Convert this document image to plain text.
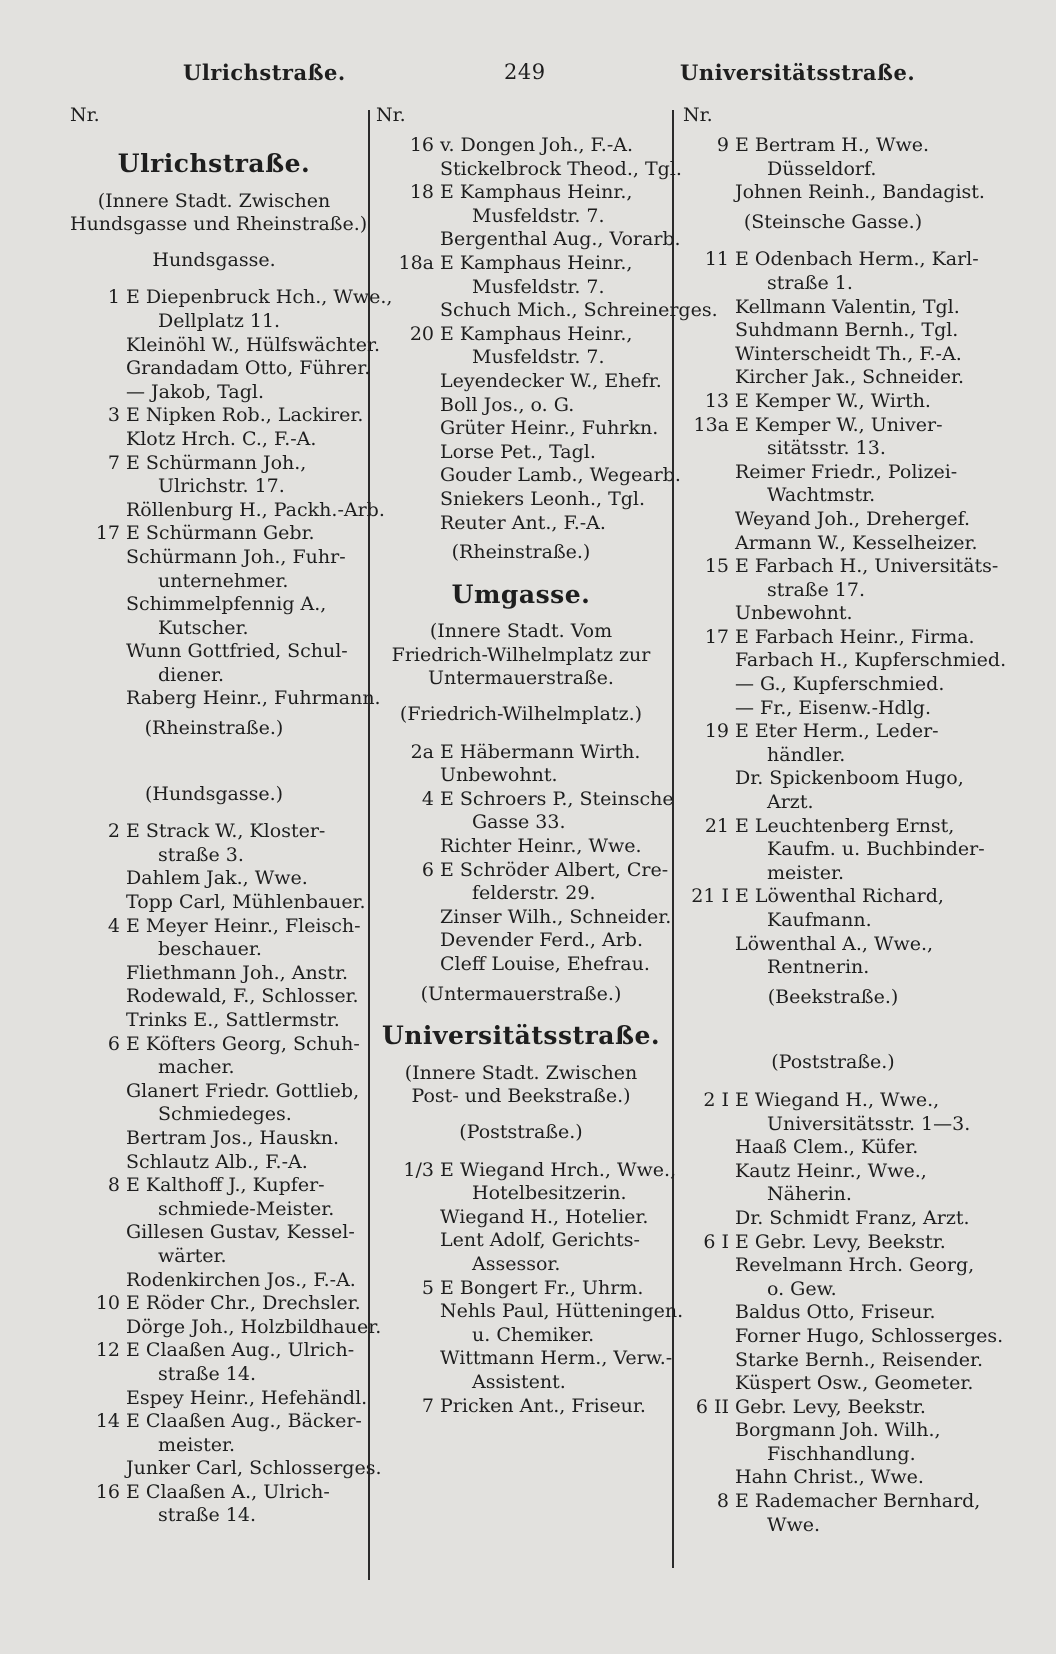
Ulrichstraße.	249	Universitätsstraße.
Nr.
Ulrichstraße.
(Innere Stadt. Zwischen
Hundsgasse und Rheinstraße.)
Hundsgasse.
1 E Diepenbruck Hch., Wwe.,
Dellplatz 11.
Kleinöhl W., Hülfswächter.
Grandadam Otto, Führer.
— Jakob, Tagl.
3 E Nipken Rob., Lackirer.
Klotz Hrch. C., F.-A.
7 E Schürmann Joh.,
Ulrichstr. 17.
Röllenburg H., Packh.-Arb.
17 E Schürmann Gebr.
Schürmann Joh., Fuhr-
unternehmer.
Schimmelpfennig A.,
Kutscher.
Wunn Gottfried, Schul-
diener.
Raberg Heinr., Fuhrmann.
(Rheinstraße.)
(Hundsgasse.)
2 E Strack W., Kloster-
straße 3.
Dahlem Jak., Wwe.
Topp Carl, Mühlenbauer.
4 E Meyer Heinr., Fleisch-
beschauer.
Fliethmann Joh., Anstr.
Rodewald, F., Schlosser.
Trinks E., Sattlermstr.
6 E Köfters Georg, Schuh-
macher.
Glanert Friedr. Gottlieb,
Schmiedeges.
Bertram Jos., Hauskn.
Schlautz Alb., F.-A.
8 E Kalthoff J., Kupfer-
schmiede-Meister.
Gillesen Gustav, Kessel-
wärter.
Rodenkirchen Jos., F.-A.
10 E Röder Chr., Drechsler.
Dörge Joh., Holzbildhauer.
12 E Claaßen Aug., Ulrich-
straße 14.
Espey Heinr., Hefehändl.
14 E Claaßen Aug., Bäcker-
meister.
Junker Carl, Schlosserges.
16 E Claaßen A., Ulrich-
straße 14.
Nr.
16 v. Dongen Joh., F.-A.
Stickelbrock Theod., Tgl.
18 E Kamphaus Heinr.,
Musfeldstr. 7.
Bergenthal Aug., Vorarb.
18a E Kamphaus Heinr.,
Musfeldstr. 7.
Schuch Mich., Schreinerges.
20 E Kamphaus Heinr.,
Musfeldstr. 7.
Leyendecker W., Ehefr.
Boll Jos., o. G.
Grüter Heinr., Fuhrkn.
Lorse Pet., Tagl.
Gouder Lamb., Wegearb.
Sniekers Leonh., Tgl.
Reuter Ant., F.-A.
(Rheinstraße.)
Umgasse.
(Innere Stadt. Vom
Friedrich-Wilhelmplatz zur
Untermauerstraße.
(Friedrich-Wilhelmplatz.)
2a E Häbermann Wirth.
Unbewohnt.
4 E Schroers P., Steinsche
Gasse 33.
Richter Heinr., Wwe.
6 E Schröder Albert, Cre-
felderstr. 29.
Zinser Wilh., Schneider.
Devender Ferd., Arb.
Cleff Louise, Ehefrau.
(Untermauerstraße.)
Universitätsstraße.
(Innere Stadt. Zwischen
Post- und Beekstraße.)
(Poststraße.)
1/3 E Wiegand Hrch., Wwe.,
Hotelbesitzerin.
Wiegand H., Hotelier.
Lent Adolf, Gerichts-
Assessor.
5 E Bongert Fr., Uhrm.
Nehls Paul, Hütteningen.
u. Chemiker.
Wittmann Herm., Verw.-
Assistent.
7 Pricken Ant., Friseur.
Nr.
9 E Bertram H., Wwe.
Düsseldorf.
Johnen Reinh., Bandagist.
(Steinsche Gasse.)
11 E Odenbach Herm., Karl-
straße 1.
Kellmann Valentin, Tgl.
Suhdmann Bernh., Tgl.
Winterscheidt Th., F.-A.
Kircher Jak., Schneider.
13 E Kemper W., Wirth.
13a E Kemper W., Univer-
sitätsstr. 13.
Reimer Friedr., Polizei-
Wachtmstr.
Weyand Joh., Drehergef.
Armann W., Kesselheizer.
15 E Farbach H., Universitäts-
straße 17.
Unbewohnt.
17 E Farbach Heinr., Firma.
Farbach H., Kupferschmied.
— G., Kupferschmied.
— Fr., Eisenw.-Hdlg.
19 E Eter Herm., Leder-
händler.
Dr. Spickenboom Hugo,
Arzt.
21 E Leuchtenberg Ernst,
Kaufm. u. Buchbinder-
meister.
21 I E Löwenthal Richard,
Kaufmann.
Löwenthal A., Wwe.,
Rentnerin.
(Beekstraße.)
(Poststraße.)
2 I E Wiegand H., Wwe.,
Universitätsstr. 1—3.
Haaß Clem., Küfer.
Kautz Heinr., Wwe.,
Näherin.
Dr. Schmidt Franz, Arzt.
6 I E Gebr. Levy, Beekstr.
Revelmann Hrch. Georg,
o. Gew.
Baldus Otto, Friseur.
Forner Hugo, Schlosserges.
Starke Bernh., Reisender.
Küspert Osw., Geometer.
6 II Gebr. Levy, Beekstr.
Borgmann Joh. Wilh.,
Fischhandlung.
Hahn Christ., Wwe.
8 E Rademacher Bernhard,
Wwe.
